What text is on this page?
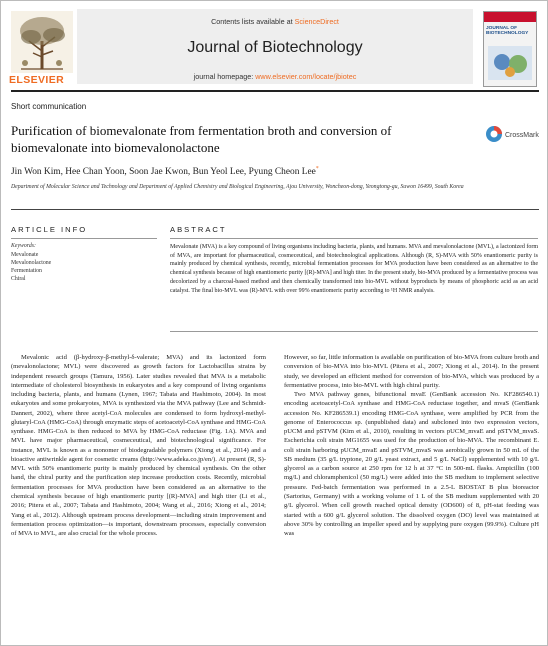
ELSEVIER
Contents lists available at ScienceDirect
Journal of Biotechnology
journal homepage: www.elsevier.com/locate/jbiotec
JOURNAL OF BIOTECHNOLOGY
Short communication
Purification of biomevalonate from fermentation broth and conversion of biomevalonate into biomevalonolactone
CrossMark
Jin Won Kim, Hee Chan Yoon, Soon Jae Kwon, Bun Yeol Lee, Pyung Cheon Lee*
Department of Molecular Science and Technology and Department of Applied Chemistry and Biological Engineering, Ajou University, Woncheon-dong, Yeongtong-gu, Suwon 16499, South Korea
ARTICLE INFO	ABSTRACT
Keywords:
Mevalonate
Mevalonolactone
Fermentation
Chiral
Mevalonate (MVA) is a key compound of living organisms including bacteria, plants, and humans. MVA and mevalonolactone (MVL), a lactonized form of MVA, are important for pharmaceutical, cosmeceutical, and biotechnological applications. Although (R, S)-MVA with 50% enantiomeric purity is mainly produced by chemical synthesis, recently, microbial fermentation processes for MVA production have been considered as an alternative to the chemical synthesis because of high enantiomeric purity [(R)-MVA] and high titer. In the present study, bio-MVA produced by a fermentative process was decolorized by a charcoal-based method and then chemically transformed into bio-MVL without byproducts by means of phosphoric acid as an acid catalyst. The final bio-MVL was (R)-MVL with over 99% enantiomeric purity according to ¹H NMR analysis.

Mevalonic acid (β-hydroxy-β-methyl-δ-valerate; MVA) and its lactonized form (mevalonolactone; MVL) were discovered as growth factors for Lactobacillus strains by independent research groups (Tamura, 1956). Later studies revealed that MVA is a metabolic intermediate of cholesterol biosynthesis in eukaryotes and a key compound of living organisms including bacteria, plants, and humans (Lynen, 1967; Tabata and Hashimoto, 2004). In most eukaryotes and some prokaryotes, MVA is synthesized via the MVA pathway (Lee and Schmidt-Dannert, 2002), where three acetyl-CoA molecules are condensed to form hydroxyl-methyl-glutaryl-CoA (HMG-CoA) through enzymatic steps of acetoacetyl-CoA synthase and HMG-CoA synthase. HMG-CoA is then reduced to MVA by HMG-CoA reductase (Fig. 1A). MVA and MVL have major pharmaceutical, cosmeceutical, and biotechnological significance. For instance, MVL is known as a monomer of biodegradable polymers (Xiong et al., 2014) and a bioactive antiwrinkle agent for cosmetic creams (http://www.adeka.co.jp/en/). At present (R, S)-MVL with 50% enantiomeric purity is mainly produced by chemical synthesis. On the other hand, the chiral purity and the purification step increase production costs. Recently, microbial fermentation processes for MVA production have been considered as an alternative to the chemical synthesis because of high enantiomeric purity [(R)-MVA] and high titer (Li et al., 2016; Pitera et al., 2007; Tabata and Hashimoto, 2004; Wang et al., 2016; Xiong et al., 2014; Yang et al., 2012). Although upstream process development—including strain improvement and fermentation process optimization—is important, downstream processes, especially conversion of MVA to MVL, are also crucial for the whole process.

However, so far, little information is available on purification of bio-MVA from culture broth and conversion of bio-MVA into bio-MVL (Pitera et al., 2007; Xiong et al., 2014). In the present study, we developed an efficient method for conversion of bio-MVA, which was produced by a fermentative process, into bio-MVL with high chiral purity.

Two MVA pathway genes, bifunctional mvaE (GenBank accession No. KF286540.1) encoding acetoacetyl-CoA synthase and HMG-CoA reductase together, and mvaS (GenBank accession No. KF286539.1) encoding HMG-CoA synthase, were amplified by PCR from the genome of Enterococcus sp. (unpublished data) and subcloned into two expression vectors, pUCM and pSTVM (Kim et al., 2010), resulting in vectors pUCM_mvaE and pSTVM_mvaS. Escherichia coli strain MG1655 was used for the production of bio-MVA. The recombinant E. coli strain harboring pUCM_mvaE and pSTVM_mvaS was aerobically grown in 50 mL of the SB medium (35 g/L tryptone, 20 g/L yeast extract, and 5 g/L NaCl) supplemented with 10 g/L glycerol as a carbon source at 250 rpm for 12 h at 37 °C in 500-mL flasks. Ampicillin (100 mg/L) and chloramphenicol (50 mg/L) were added into the SB medium to implement selective pressure. Fed-batch fermentation was performed in a 2.5-L BIOSTAT B plus bioreactor (Sartorius, Germany) with a working volume of 1 L of the SB medium supplemented with 20 g/L glycerol. When cell growth reached optical density (OD600) of 8, pH-stat feeding was started with a 600 g/L glycerol solution. The dissolved oxygen (DO) level was maintained at above 30% by controlling an impeller speed and by supplying pure oxygen (99.9%). Culture pH was
